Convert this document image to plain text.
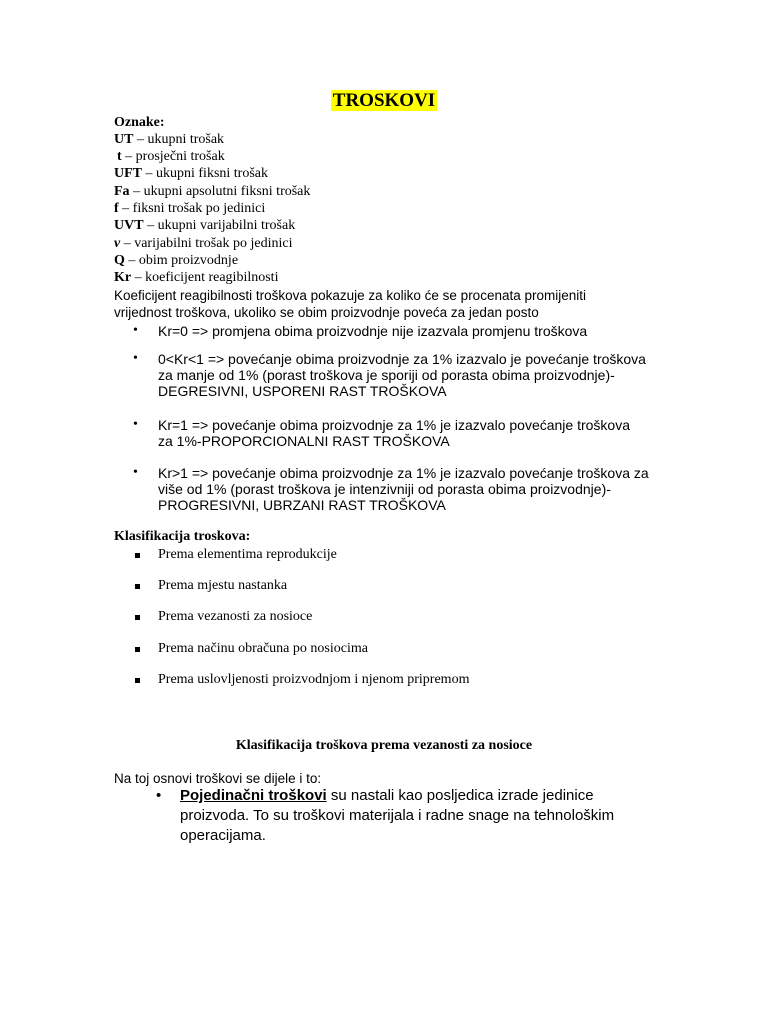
TROSKOVI
Oznake:
UT – ukupni trošak
t – prosječni trošak
UFT – ukupni fiksni trošak
Fa – ukupni apsolutni fiksni trošak
f – fiksni trošak po jedinici
UVT – ukupni varijabilni trošak
v – varijabilni trošak po jedinici
Q – obim proizvodnje
Kr – koeficijent reagibilnosti
Koeficijent reagibilnosti troškova pokazuje za koliko će se procenata promijeniti
vrijednost troškova, ukoliko se obim proizvodnje poveća za jedan posto
• Kr=0 => promjena obima proizvodnje nije izazvala promjenu troškova
• 0<Kr<1 => povećanje obima proizvodnje za 1% izazvalo je povećanje troškova
za manje od 1% (porast troškova je sporiji od porasta obima proizvodnje)-
DEGRESIVNI, USPORENI RAST TROŠKOVA
• Kr=1 => povećanje obima proizvodnje za 1% je izazvalo povećanje troškova
za 1%-PROPORCIONALNI RAST TROŠKOVA
• Kr>1 => povećanje obima proizvodnje za 1% je izazvalo povećanje troškova za
više od 1% (porast troškova je intenzivniji od porasta obima proizvodnje)-
PROGRESIVNI, UBRZANI RAST TROŠKOVA
Klasifikacija troskova:
Prema elementima reprodukcije
Prema mjestu nastanka
Prema vezanosti za nosioce
Prema načinu obračuna po nosiocima
Prema uslovljenosti proizvodnjom i njenom pripremom
Klasifikacija troškova prema vezanosti za nosioce
Na toj osnovi troškovi se dijele i to:
• Pojedinačni troškovi su nastali kao posljedica izrade jedinice proizvoda. To su troškovi materijala i radne snage na tehnološkim operacijama.
